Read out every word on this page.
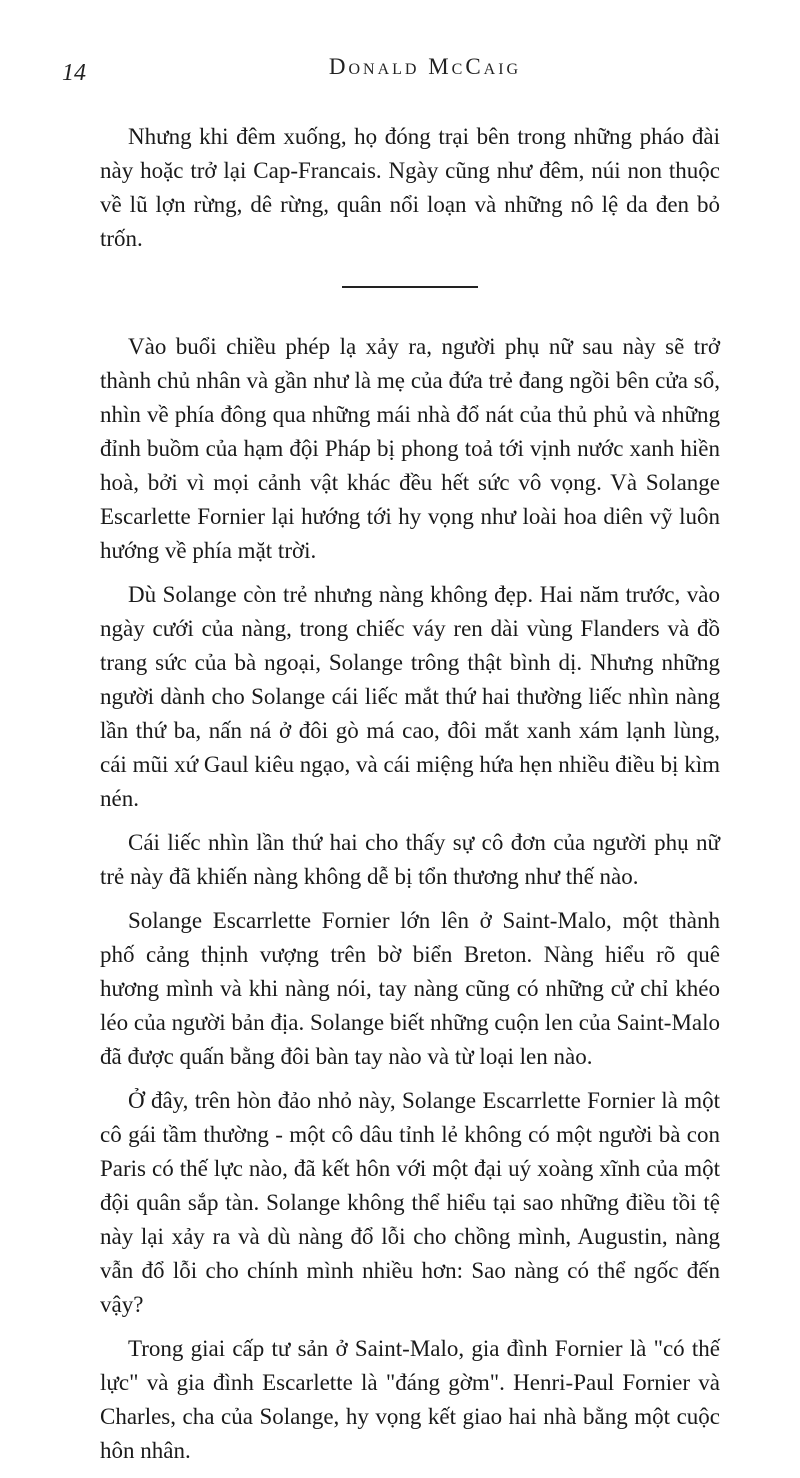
14	Donald McCaig

Nhưng khi đêm xuống, họ đóng trại bên trong những pháo đài này hoặc trở lại Cap-Francais. Ngày cũng như đêm, núi non thuộc về lũ lợn rừng, dê rừng, quân nổi loạn và những nô lệ da đen bỏ trốn.

Vào buổi chiều phép lạ xảy ra, người phụ nữ sau này sẽ trở thành chủ nhân và gần như là mẹ của đứa trẻ đang ngồi bên cửa sổ, nhìn về phía đông qua những mái nhà đổ nát của thủ phủ và những đỉnh buồm của hạm đội Pháp bị phong toả tới vịnh nước xanh hiền hoà, bởi vì mọi cảnh vật khác đều hết sức vô vọng. Và Solange Escarlette Fornier lại hướng tới hy vọng như loài hoa diên vỹ luôn hướng về phía mặt trời.

Dù Solange còn trẻ nhưng nàng không đẹp. Hai năm trước, vào ngày cưới của nàng, trong chiếc váy ren dài vùng Flanders và đồ trang sức của bà ngoại, Solange trông thật bình dị. Nhưng những người dành cho Solange cái liếc mắt thứ hai thường liếc nhìn nàng lần thứ ba, nấn ná ở đôi gò má cao, đôi mắt xanh xám lạnh lùng, cái mũi xứ Gaul kiêu ngạo, và cái miệng hứa hẹn nhiều điều bị kìm nén.

Cái liếc nhìn lần thứ hai cho thấy sự cô đơn của người phụ nữ trẻ này đã khiến nàng không dễ bị tổn thương như thế nào.

Solange Escarrlette Fornier lớn lên ở Saint-Malo, một thành phố cảng thịnh vượng trên bờ biển Breton. Nàng hiểu rõ quê hương mình và khi nàng nói, tay nàng cũng có những cử chỉ khéo léo của người bản địa. Solange biết những cuộn len của Saint-Malo đã được quấn bằng đôi bàn tay nào và từ loại len nào.

Ở đây, trên hòn đảo nhỏ này, Solange Escarrlette Fornier là một cô gái tầm thường - một cô dâu tỉnh lẻ không có một người bà con Paris có thế lực nào, đã kết hôn với một đại uý xoàng xĩnh của một đội quân sắp tàn. Solange không thể hiểu tại sao những điều tồi tệ này lại xảy ra và dù nàng đổ lỗi cho chồng mình, Augustin, nàng vẫn đổ lỗi cho chính mình nhiều hơn: Sao nàng có thể ngốc đến vậy?

Trong giai cấp tư sản ở Saint-Malo, gia đình Fornier là "có thế lực" và gia đình Escarlette là "đáng gờm". Henri-Paul Fornier và Charles, cha của Solange, hy vọng kết giao hai nhà bằng một cuộc hôn nhân.
